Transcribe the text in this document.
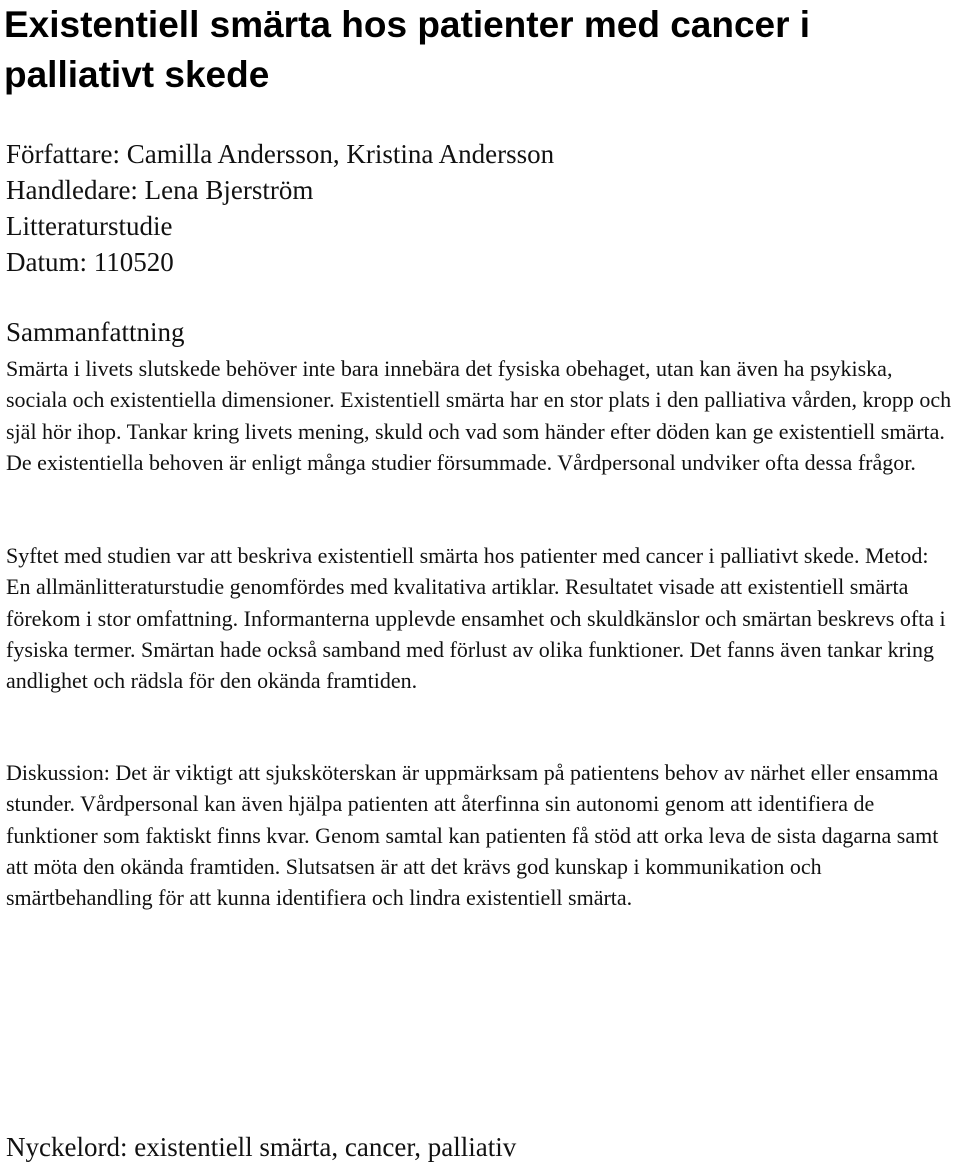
Existentiell smärta hos patienter med cancer i palliativt skede
Författare: Camilla Andersson, Kristina Andersson
Handledare: Lena Bjerström
Litteraturstudie
Datum: 110520
Sammanfattning

Smärta i livets slutskede behöver inte bara innebära det fysiska obehaget, utan kan även ha psykiska, sociala och existentiella dimensioner. Existentiell smärta har en stor plats i den palliativa vården, kropp och själ hör ihop. Tankar kring livets mening, skuld och vad som händer efter döden kan ge existentiell smärta. De existentiella behoven är enligt många studier försummade. Vårdpersonal undviker ofta dessa frågor.

Syftet med studien var att beskriva existentiell smärta hos patienter med cancer i palliativt skede. Metod: En allmänlitteraturstudie genomfördes med kvalitativa artiklar. Resultatet visade att existentiell smärta förekom i stor omfattning. Informanterna upplevde ensamhet och skuldkänslor och smärtan beskrevs ofta i fysiska termer. Smärtan hade också samband med förlust av olika funktioner. Det fanns även tankar kring andlighet och rädsla för den okända framtiden.

Diskussion: Det är viktigt att sjuksköterskan är uppmärksam på patientens behov av närhet eller ensamma stunder. Vårdpersonal kan även hjälpa patienten att återfinna sin autonomi genom att identifiera de funktioner som faktiskt finns kvar. Genom samtal kan patienten få stöd att orka leva de sista dagarna samt att möta den okända framtiden. Slutsatsen är att det krävs god kunskap i kommunikation och smärtbehandling för att kunna identifiera och lindra existentiell smärta.

Nyckelord: existentiell smärta, cancer, palliativ
